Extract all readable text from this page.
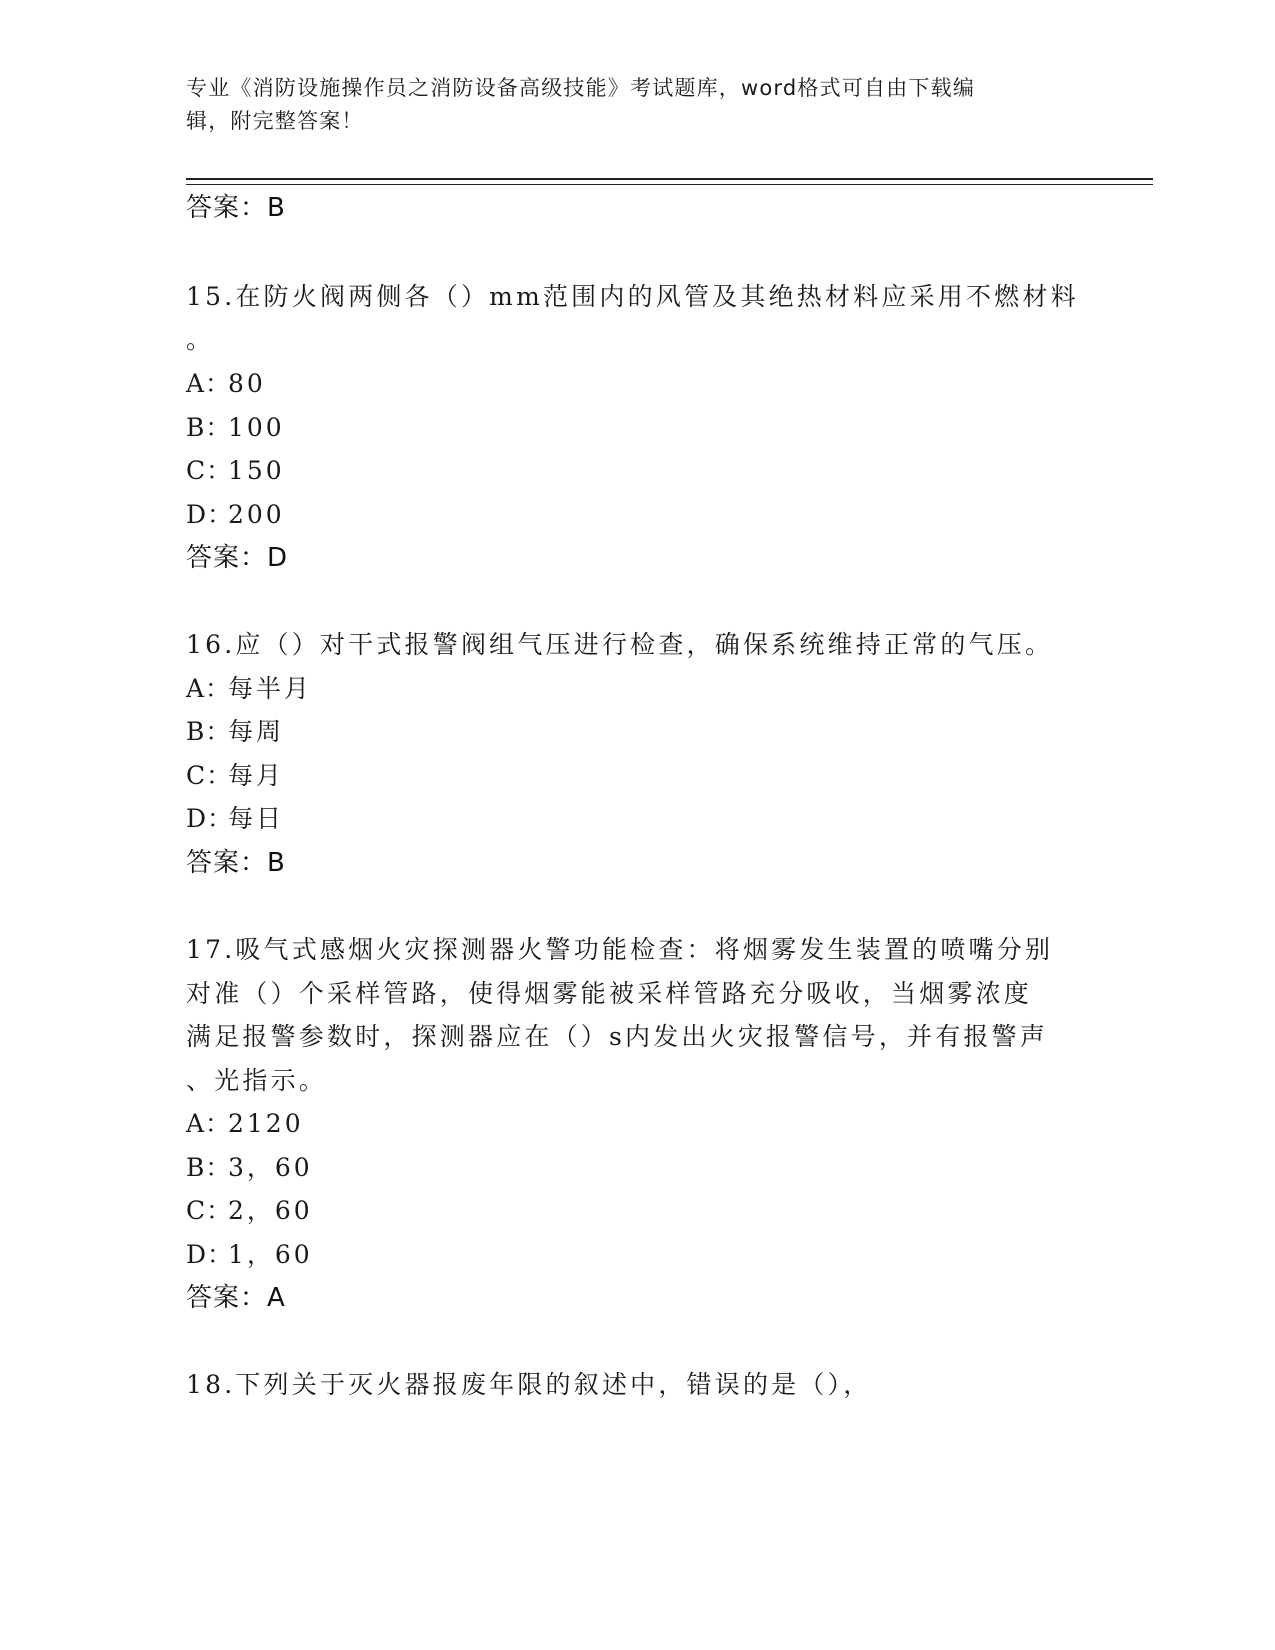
专业《消防设施操作员之消防设备高级技能》考试题库，word格式可自由下载编
辑，附完整答案！
答案：B
15.在防火阀两侧各（）mm范围内的风管及其绝热材料应采用不燃材料
。
A：80
B：100
C：150
D：200
答案：D
16.应（）对干式报警阀组气压进行检查，确保系统维持正常的气压。
A：每半月
B：每周
C：每月
D：每日
答案：B
17.吸气式感烟火灾探测器火警功能检查：将烟雾发生装置的喷嘴分别
对准（）个采样管路，使得烟雾能被采样管路充分吸收，当烟雾浓度
满足报警参数时，探测器应在（）s内发出火灾报警信号，并有报警声
、光指示。
A：2120
B：3，60
C：2，60
D：1，60
答案：A
18.下列关于灭火器报废年限的叙述中，错误的是（），
